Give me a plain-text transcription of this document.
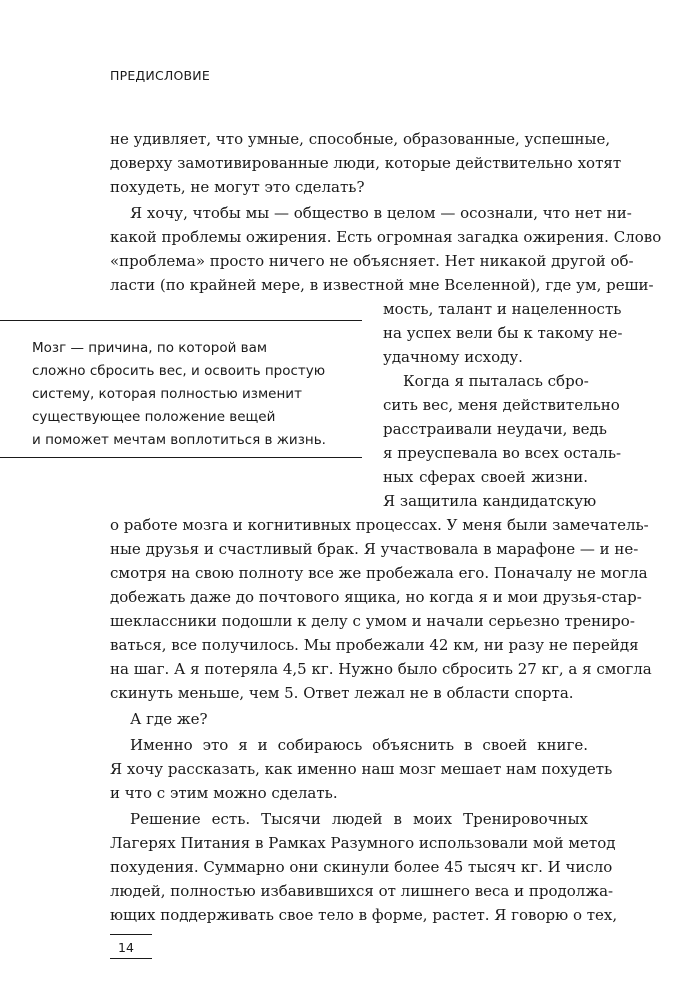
ПРЕДИСЛОВИЕ

не удивляет, что умные, способные, образованные, успешные,

доверху замотивированные люди, которые действительно хотят

похудеть, не могут это сделать?

Я хочу, чтобы мы — общество в целом — осознали, что нет ни-

какой проблемы ожирения. Есть огромная загадка ожирения. Слово

«проблема» просто ничего не объясняет. Нет никакой другой об-

ласти (по крайней мере, в известной мне Вселенной), где ум, реши-

мость, талант и нацеленность

на успех вели бы к такому не-

удачному исходу.

Когда я пыталась сбро-

сить вес, меня действительно

расстраивали неудачи, ведь

я преуспевала во всех осталь-

ных сферах своей жизни.

Я защитила кандидатскую

Мозг — причина, по которой вам

сложно сбросить вес, и освоить простую

систему, которая полностью изменит

существующее положение вещей

и поможет мечтам воплотиться в жизнь.

о работе мозга и когнитивных процессах. У меня были замечатель-

ные друзья и счастливый брак. Я участвовала в марафоне — и не-

смотря на свою полноту все же пробежала его. Поначалу не могла

добежать даже до почтового ящика, но когда я и мои друзья-стар-

шеклассники подошли к делу с умом и начали серьезно трениро-

ваться, все получилось. Мы пробежали 42 км, ни разу не перейдя

на шаг. А я потеряла 4,5 кг. Нужно было сбросить 27 кг, а я смогла

скинуть меньше, чем 5. Ответ лежал не в области спорта.

А где же?

Именно это я и собираюсь объяснить в своей книге.

Я хочу рассказать, как именно наш мозг мешает нам похудеть

и что с этим можно сделать.

Решение есть. Тысячи людей в моих Тренировочных

Лагерях Питания в Рамках Разумного использовали мой метод

похудения. Суммарно они скинули более 45 тысяч кг. И число

людей, полностью избавившихся от лишнего веса и продолжа-

ющих поддерживать свое тело в форме, растет. Я говорю о тех,

14
